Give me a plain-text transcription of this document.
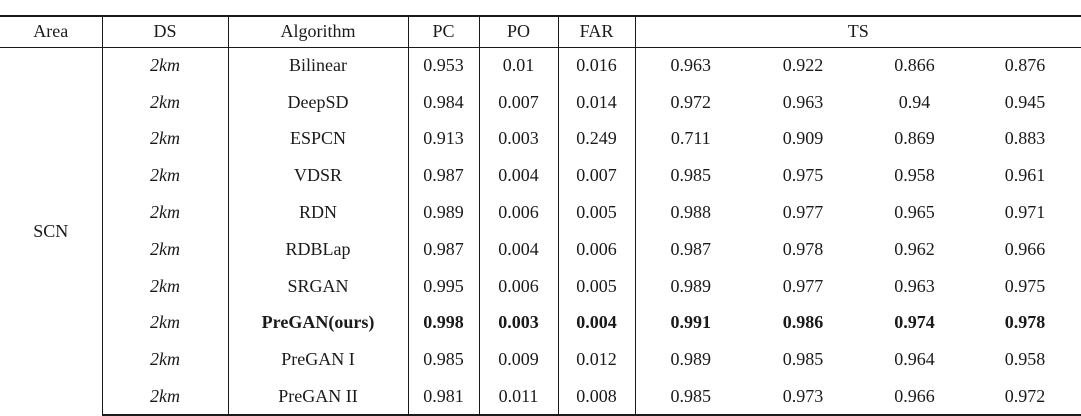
Area	DS	Algorithm	PC	PO	FAR	TS			
SCN	2km	Bilinear	0.953	0.01	0.016	0.963	0.922	0.866	0.876
	2km	DeepSD	0.984	0.007	0.014	0.972	0.963	0.94	0.945
	2km	ESPCN	0.913	0.003	0.249	0.711	0.909	0.869	0.883
	2km	VDSR	0.987	0.004	0.007	0.985	0.975	0.958	0.961
	2km	RDN	0.989	0.006	0.005	0.988	0.977	0.965	0.971
	2km	RDBLap	0.987	0.004	0.006	0.987	0.978	0.962	0.966
	2km	SRGAN	0.995	0.006	0.005	0.989	0.977	0.963	0.975
	2km	PreGAN(ours)	0.998	0.003	0.004	0.991	0.986	0.974	0.978
	2km	PreGAN I	0.985	0.009	0.012	0.989	0.985	0.964	0.958
	2km	PreGAN II	0.981	0.011	0.008	0.985	0.973	0.966	0.972
